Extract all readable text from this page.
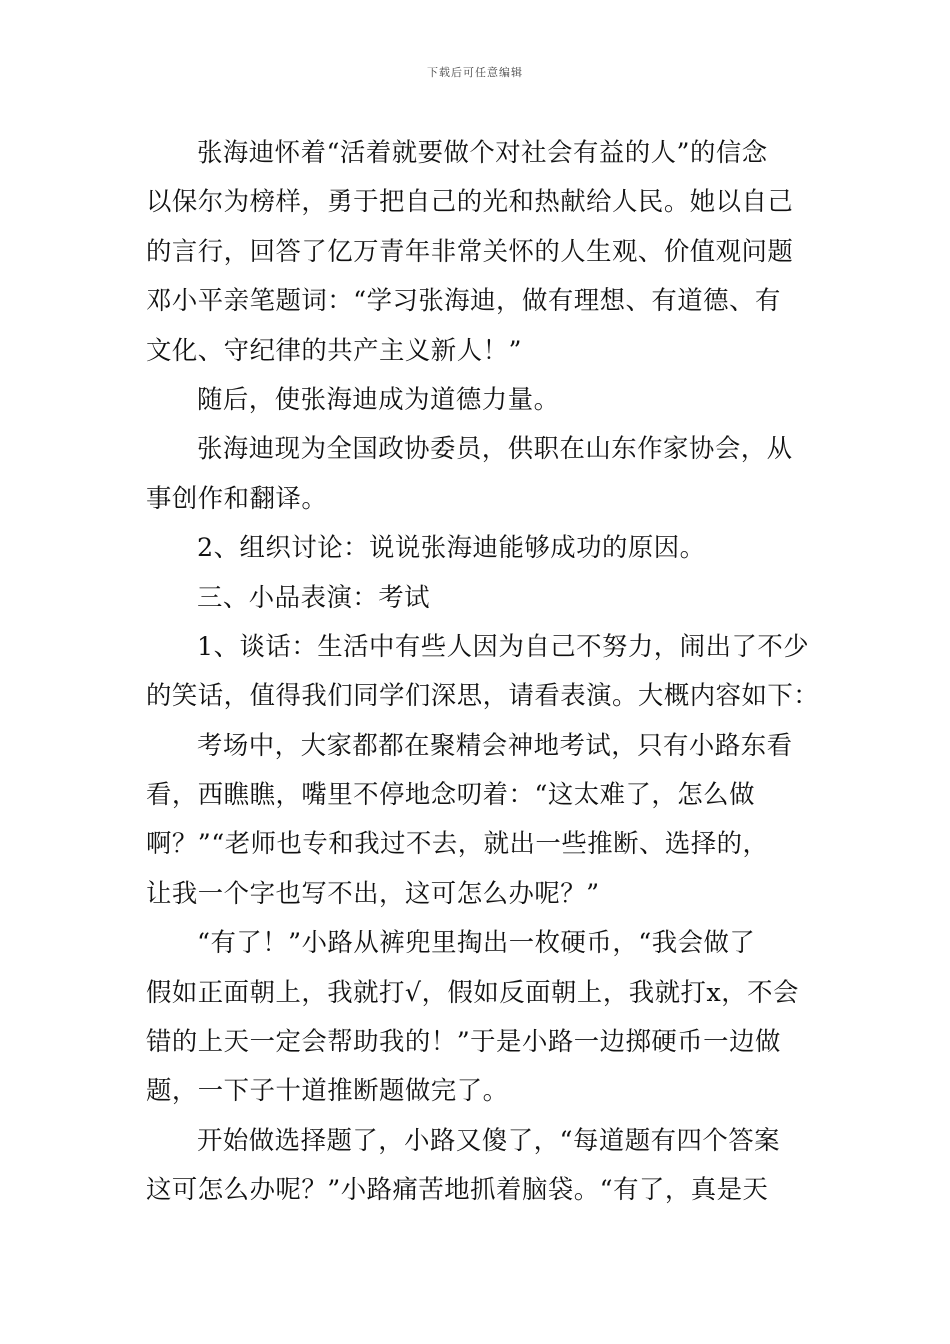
下载后可任意编辑
张海迪怀着“活着就要做个对社会有益的人”的信念
以保尔为榜样，勇于把自己的光和热献给人民。她以自己
的言行，回答了亿万青年非常关怀的人生观、价值观问题
邓小平亲笔题词：“学习张海迪，做有理想、有道德、有
文化、守纪律的共产主义新人！”
随后，使张海迪成为道德力量。
张海迪现为全国政协委员，供职在山东作家协会，从
事创作和翻译。
2、组织讨论：说说张海迪能够成功的原因。
三、小品表演：考试
1、谈话：生活中有些人因为自己不努力，闹出了不少
的笑话，值得我们同学们深思，请看表演。大概内容如下：
考场中，大家都都在聚精会神地考试，只有小路东看
看，西瞧瞧，嘴里不停地念叨着：“这太难了，怎么做
啊？”“老师也专和我过不去，就出一些推断、选择的，
让我一个字也写不出，这可怎么办呢？”
“有了！”小路从裤兜里掏出一枚硬币，“我会做了
假如正面朝上，我就打√，假如反面朝上，我就打x，不会
错的上天一定会帮助我的！”于是小路一边掷硬币一边做
题，一下子十道推断题做完了。
开始做选择题了，小路又傻了，“每道题有四个答案
这可怎么办呢？”小路痛苦地抓着脑袋。“有了，真是天
